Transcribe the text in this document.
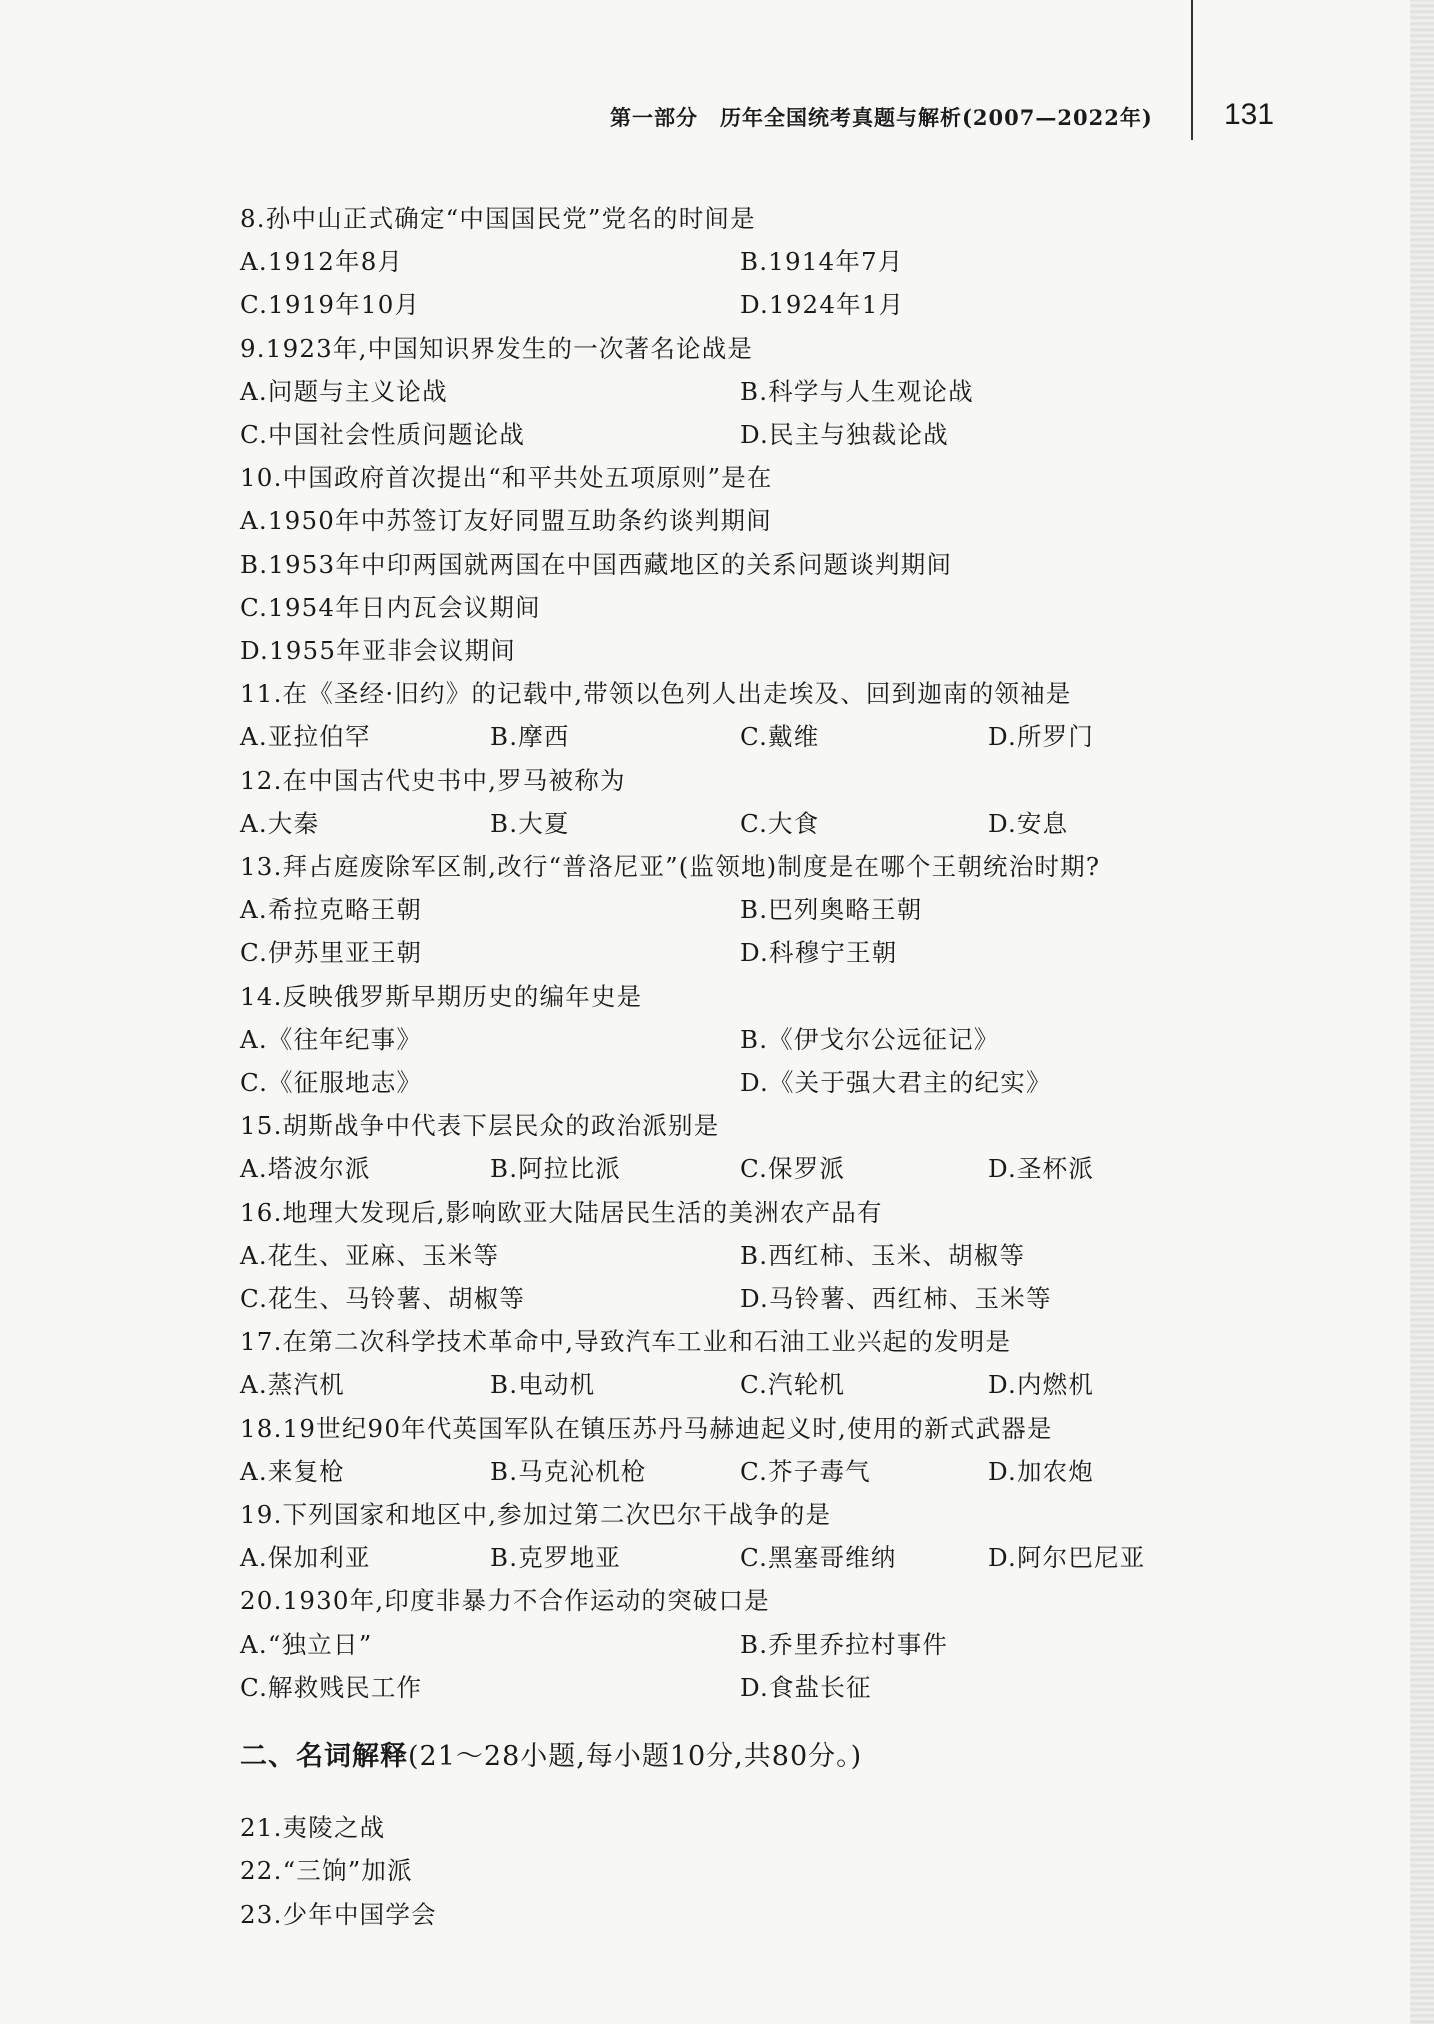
第一部分　历年全国统考真题与解析(2007—2022年) 131
8.孙中山正式确定“中国国民党”党名的时间是
A.1912年8月	B.1914年7月
C.1919年10月	D.1924年1月
9.1923年,中国知识界发生的一次著名论战是
A.问题与主义论战	B.科学与人生观论战
C.中国社会性质问题论战	D.民主与独裁论战
10.中国政府首次提出“和平共处五项原则”是在
A.1950年中苏签订友好同盟互助条约谈判期间
B.1953年中印两国就两国在中国西藏地区的关系问题谈判期间
C.1954年日内瓦会议期间
D.1955年亚非会议期间
11.在《圣经·旧约》的记载中,带领以色列人出走埃及、回到迦南的领袖是
A.亚拉伯罕	B.摩西	C.戴维	D.所罗门
12.在中国古代史书中,罗马被称为
A.大秦	B.大夏	C.大食	D.安息
13.拜占庭废除军区制,改行“普洛尼亚”(监领地)制度是在哪个王朝统治时期?
A.希拉克略王朝	B.巴列奥略王朝
C.伊苏里亚王朝	D.科穆宁王朝
14.反映俄罗斯早期历史的编年史是
A.《往年纪事》	B.《伊戈尔公远征记》
C.《征服地志》	D.《关于强大君主的纪实》
15.胡斯战争中代表下层民众的政治派别是
A.塔波尔派	B.阿拉比派	C.保罗派	D.圣杯派
16.地理大发现后,影响欧亚大陆居民生活的美洲农产品有
A.花生、亚麻、玉米等	B.西红柿、玉米、胡椒等
C.花生、马铃薯、胡椒等	D.马铃薯、西红柿、玉米等
17.在第二次科学技术革命中,导致汽车工业和石油工业兴起的发明是
A.蒸汽机	B.电动机	C.汽轮机	D.内燃机
18.19世纪90年代英国军队在镇压苏丹马赫迪起义时,使用的新式武器是
A.来复枪	B.马克沁机枪	C.芥子毒气	D.加农炮
19.下列国家和地区中,参加过第二次巴尔干战争的是
A.保加利亚	B.克罗地亚	C.黑塞哥维纳	D.阿尔巴尼亚
20.1930年,印度非暴力不合作运动的突破口是
A.“独立日”	B.乔里乔拉村事件
C.解救贱民工作	D.食盐长征
二、名词解释(21～28小题,每小题10分,共80分。)
21.夷陵之战
22.“三饷”加派
23.少年中国学会
